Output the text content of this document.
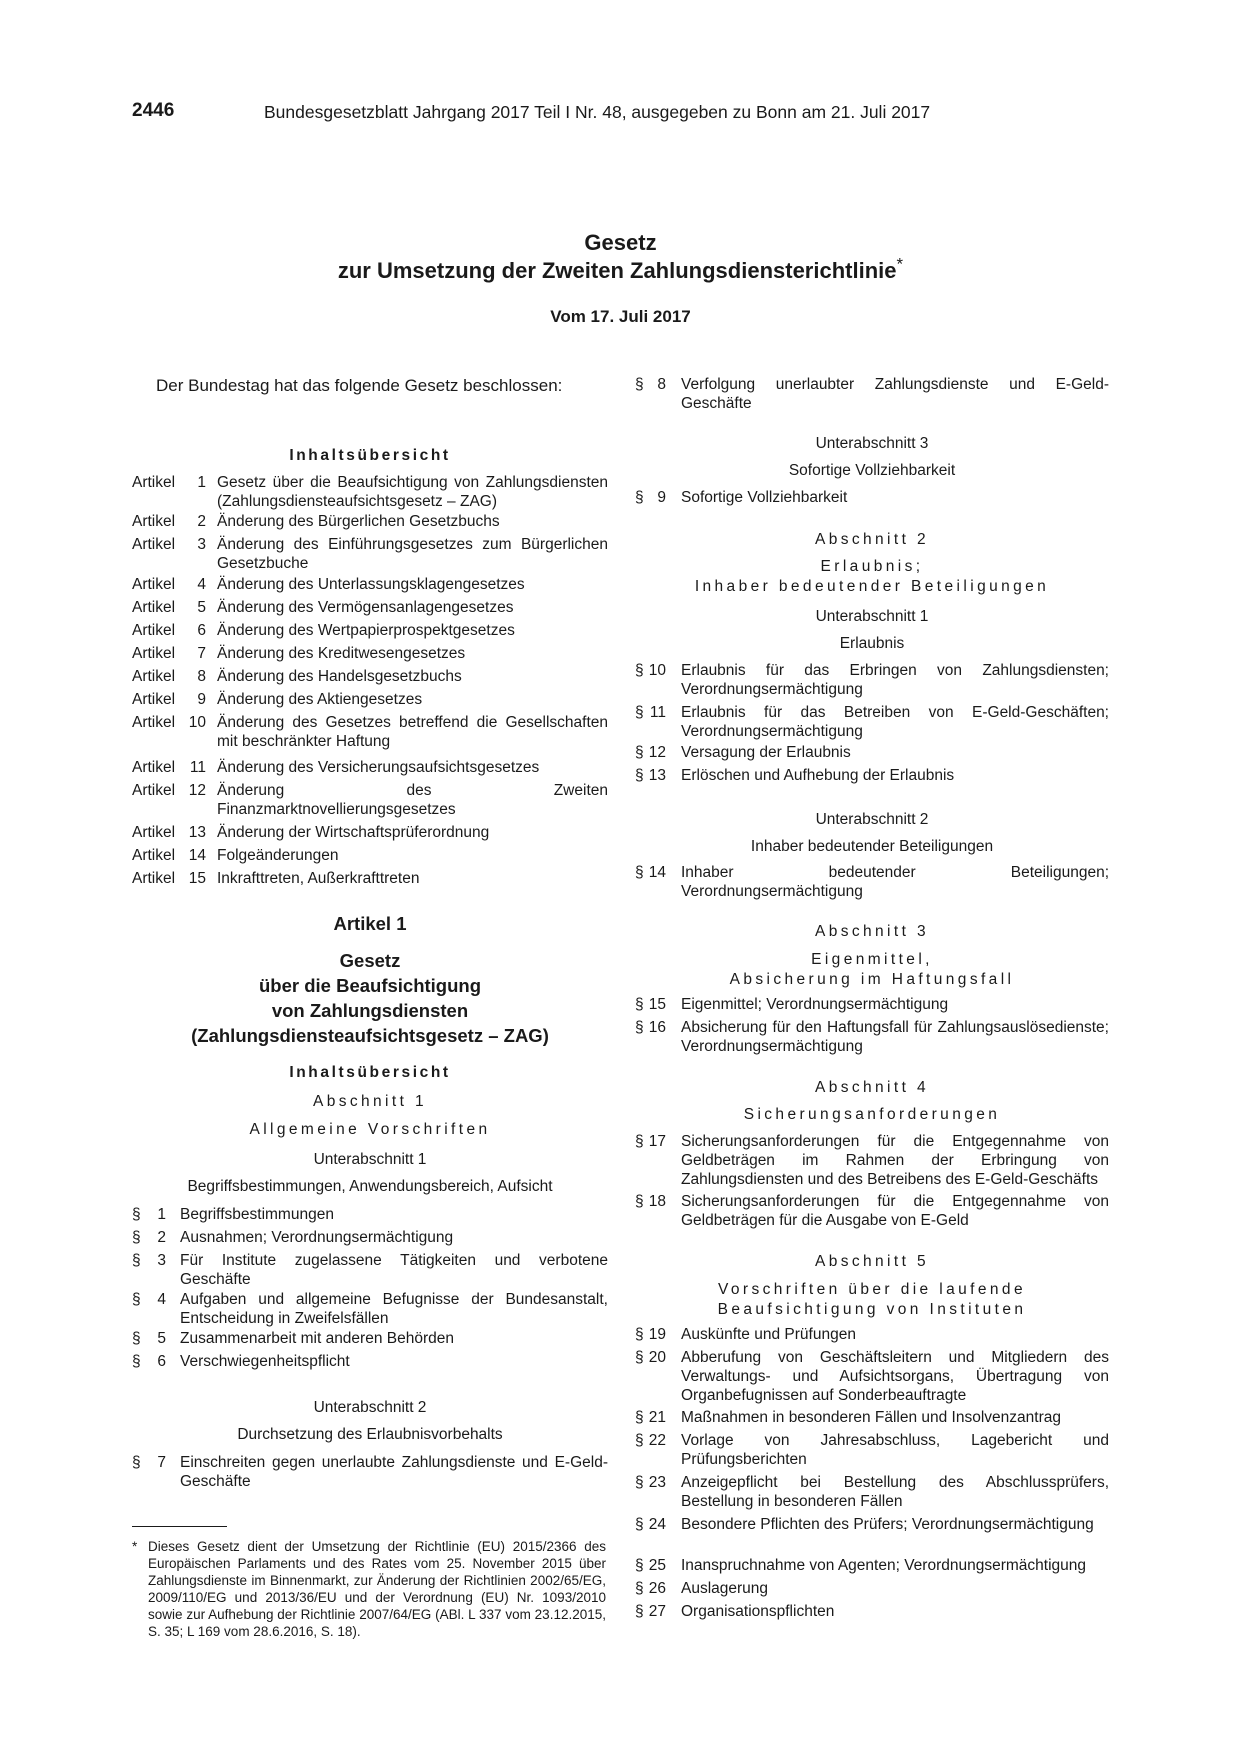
2446	Bundesgesetzblatt Jahrgang 2017 Teil I Nr. 48, ausgegeben zu Bonn am 21. Juli 2017
Gesetz
zur Umsetzung der Zweiten Zahlungsdiensterichtlinie*
Vom 17. Juli 2017
Der Bundestag hat das folgende Gesetz beschlossen:
Inhaltsübersicht
Artikel	1 Gesetz über die Beaufsichtigung von Zahlungsdiensten (Zahlungsdiensteaufsichtsgesetz – ZAG)
Artikel	2 Änderung des Bürgerlichen Gesetzbuchs
Artikel	3 Änderung des Einführungsgesetzes zum Bürgerlichen Gesetzbuche
Artikel	4 Änderung des Unterlassungsklagengesetzes
Artikel	5 Änderung des Vermögensanlagengesetzes
Artikel	6 Änderung des Wertpapierprospektgesetzes
Artikel	7 Änderung des Kreditwesengesetzes
Artikel	8 Änderung des Handelsgesetzbuchs
Artikel	9 Änderung des Aktiengesetzes
Artikel 10 Änderung des Gesetzes betreffend die Gesellschaften mit beschränkter Haftung
Artikel 11 Änderung des Versicherungsaufsichtsgesetzes
Artikel 12 Änderung des Zweiten Finanzmarktnovellierungsgesetzes
Artikel 13 Änderung der Wirtschaftsprüferordnung
Artikel 14 Folgeänderungen
Artikel 15 Inkrafttreten, Außerkrafttreten
Artikel 1
Gesetz
über die Beaufsichtigung
von Zahlungsdiensten
(Zahlungsdiensteaufsichtsgesetz – ZAG)
Inhaltsübersicht
Abschnitt 1
Allgemeine Vorschriften
Unterabschnitt 1
Begriffsbestimmungen, Anwendungsbereich, Aufsicht
§	1 Begriffsbestimmungen
§	2 Ausnahmen; Verordnungsermächtigung
§	3 Für Institute zugelassene Tätigkeiten und verbotene Geschäfte
§	4 Aufgaben und allgemeine Befugnisse der Bundesanstalt, Entscheidung in Zweifelsfällen
§	5 Zusammenarbeit mit anderen Behörden
§	6 Verschwiegenheitspflicht
Unterabschnitt 2
Durchsetzung des Erlaubnisvorbehalts
§	7 Einschreiten gegen unerlaubte Zahlungsdienste und E-Geld-Geschäfte
* Dieses Gesetz dient der Umsetzung der Richtlinie (EU) 2015/2366 des Europäischen Parlaments und des Rates vom 25. November 2015 über Zahlungsdienste im Binnenmarkt, zur Änderung der Richtlinien 2002/65/EG, 2009/110/EG und 2013/36/EU und der Verordnung (EU) Nr. 1093/2010 sowie zur Aufhebung der Richtlinie 2007/64/EG (ABl. L 337 vom 23.12.2015, S. 35; L 169 vom 28.6.2016, S. 18).
§ 8 Verfolgung unerlaubter Zahlungsdienste und E-Geld-Geschäfte
Unterabschnitt 3
Sofortige Vollziehbarkeit
§ 9 Sofortige Vollziehbarkeit
Abschnitt 2
Erlaubnis;
Inhaber bedeutender Beteiligungen
Unterabschnitt 1
Erlaubnis
§ 10 Erlaubnis für das Erbringen von Zahlungsdiensten; Verordnungsermächtigung
§ 11 Erlaubnis für das Betreiben von E-Geld-Geschäften; Verordnungsermächtigung
§ 12 Versagung der Erlaubnis
§ 13 Erlöschen und Aufhebung der Erlaubnis
Unterabschnitt 2
Inhaber bedeutender Beteiligungen
§ 14 Inhaber bedeutender Beteiligungen; Verordnungsermächtigung
Abschnitt 3
Eigenmittel,
Absicherung im Haftungsfall
§ 15 Eigenmittel; Verordnungsermächtigung
§ 16 Absicherung für den Haftungsfall für Zahlungsauslösedienste; Verordnungsermächtigung
Abschnitt 4
Sicherungsanforderungen
§ 17 Sicherungsanforderungen für die Entgegennahme von Geldbeträgen im Rahmen der Erbringung von Zahlungsdiensten und des Betreibens des E-Geld-Geschäfts
§ 18 Sicherungsanforderungen für die Entgegennahme von Geldbeträgen für die Ausgabe von E-Geld
Abschnitt 5
Vorschriften über die laufende
Beaufsichtigung von Instituten
§ 19 Auskünfte und Prüfungen
§ 20 Abberufung von Geschäftsleitern und Mitgliedern des Verwaltungs- und Aufsichtsorgans, Übertragung von Organbefugnissen auf Sonderbeauftragte
§ 21 Maßnahmen in besonderen Fällen und Insolvenzantrag
§ 22 Vorlage von Jahresabschluss, Lagebericht und Prüfungsberichten
§ 23 Anzeigepflicht bei Bestellung des Abschlussprüfers, Bestellung in besonderen Fällen
§ 24 Besondere Pflichten des Prüfers; Verordnungsermächtigung
§ 25 Inanspruchnahme von Agenten; Verordnungsermächtigung
§ 26 Auslagerung
§ 27 Organisationspflichten
